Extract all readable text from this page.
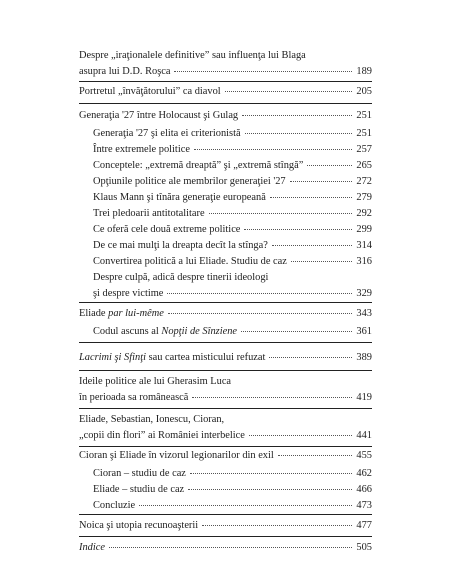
Despre „iraţionalele definitive” sau influenţa lui Blaga
asupra lui D.D. Roşca	189
Portretul „învăţătorului” ca diavol	205
Generaţia '27 între Holocaust şi Gulag	251
Generaţia '27 şi elita ei criterionistă	251
Între extremele politice	257
Conceptele: „extremă dreaptă” şi „extremă stîngă”	265
Opţiunile politice ale membrilor generaţiei '27	272
Klaus Mann şi tînăra generaţie europeană	279
Trei pledoarii antitotalitare	292
Ce oferă cele două extreme politice	299
De ce mai mulţi la dreapta decît la stînga?	314
Convertirea politică a lui Eliade. Studiu de caz	316
Despre culpă, adică despre tinerii ideologi
şi despre victime	329
Eliade par lui-même	343
Codul ascuns al Nopţii de Sînziene	361
Lacrimi şi Sfinţi sau cartea misticului refuzat	389
Ideile politice ale lui Gherasim Luca
în perioada sa românească	419
Eliade, Sebastian, Ionescu, Cioran,
„copii din flori” ai României interbelice	441
Cioran şi Eliade în vizorul legionarilor din exil	455
Cioran – studiu de caz	462
Eliade – studiu de caz	466
Concluzie	473
Noica şi utopia recunoaşterii	477
Indice	505
